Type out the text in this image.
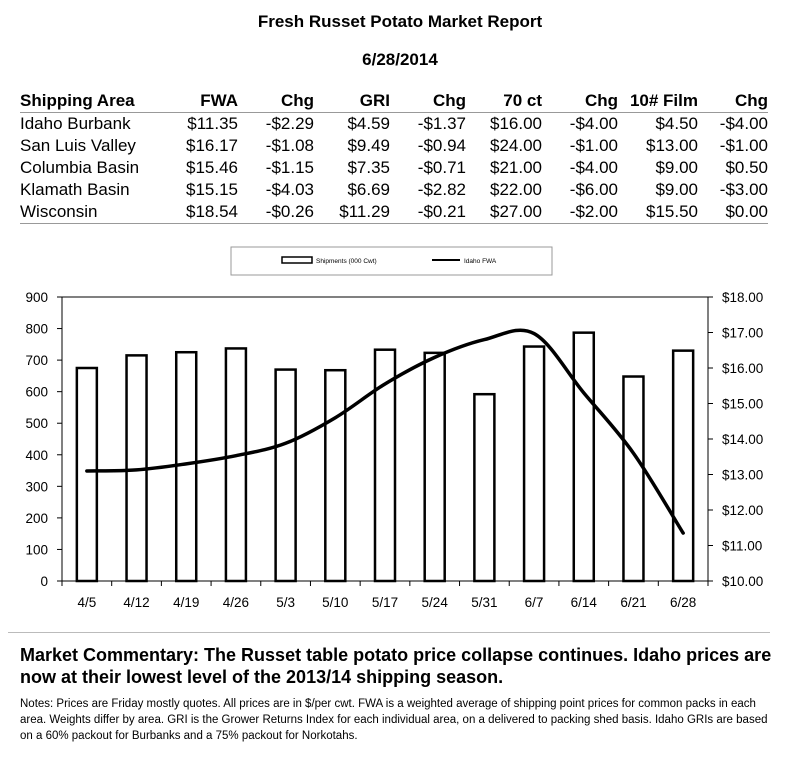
Fresh Russet Potato Market Report
6/28/2014
Shipping Area	FWA	Chg	GRI	Chg	70 ct	Chg	10# Film	Chg
Idaho Burbank	$11.35	-$2.29	$4.59	-$1.37	$16.00	-$4.00	$4.50	-$4.00
San Luis Valley	$16.17	-$1.08	$9.49	-$0.94	$24.00	-$1.00	$13.00	-$1.00
Columbia Basin	$15.46	-$1.15	$7.35	-$0.71	$21.00	-$4.00	$9.00	$0.50
Klamath Basin	$15.15	-$4.03	$6.69	-$2.82	$22.00	-$6.00	$9.00	-$3.00
Wisconsin	$18.54	-$0.26	$11.29	-$0.21	$27.00	-$2.00	$15.50	$0.00
Shipments (000 Cwt)	Idaho FWA
0
100
200
300
400
500
600
700
800
900
$10.00
$11.00
$12.00
$13.00
$14.00
$15.00
$16.00
$17.00
$18.00
4/5 4/12 4/19 4/26 5/3 5/10 5/17 5/24 5/31 6/7 6/14 6/21 6/28
Market Commentary: The Russet table potato price collapse continues. Idaho prices are now at their lowest level of the 2013/14 shipping season.
Notes: Prices are Friday mostly quotes. All prices are in $/per cwt. FWA is a weighted average of shipping point prices for common packs in each area. Weights differ by area. GRI is the Grower Returns Index for each individual area, on a delivered to packing shed basis. Idaho GRIs are based on a 60% packout for Burbanks and a 75% packout for Norkotahs.
